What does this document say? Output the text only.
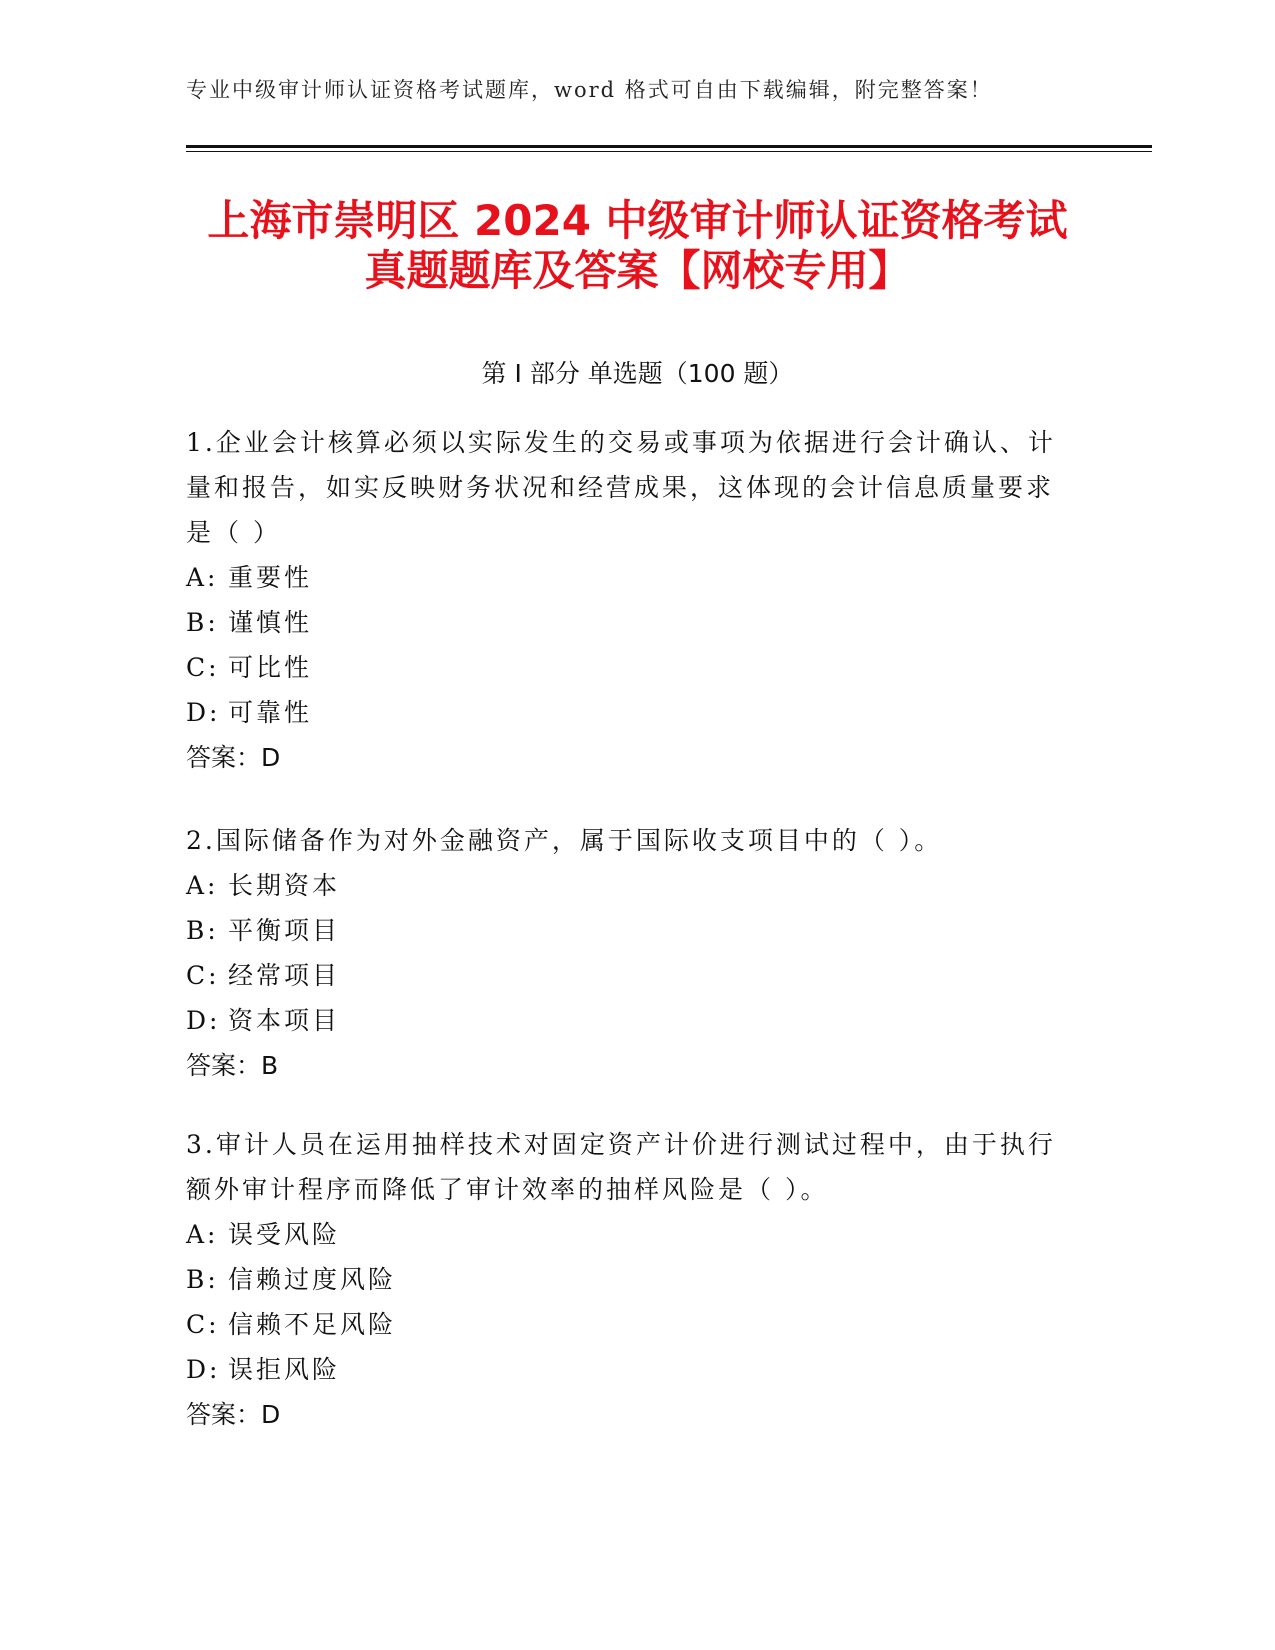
专业中级审计师认证资格考试题库，word 格式可自由下载编辑，附完整答案！
上海市崇明区 2024 中级审计师认证资格考试
真题题库及答案【网校专用】
第 I 部分 单选题（100 题）

1.企业会计核算必须以实际发生的交易或事项为依据进行会计确认、计量和报告，如实反映财务状况和经营成果，这体现的会计信息质量要求是（ ）

A: 重要性
B: 谨慎性
C: 可比性
D: 可靠性
答案：D

2.国际储备作为对外金融资产，属于国际收支项目中的（ ）。

A: 长期资本
B: 平衡项目
C: 经常项目
D: 资本项目
答案：B

3.审计人员在运用抽样技术对固定资产计价进行测试过程中，由于执行额外审计程序而降低了审计效率的抽样风险是（ ）。

A: 误受风险
B: 信赖过度风险
C: 信赖不足风险
D: 误拒风险
答案：D
